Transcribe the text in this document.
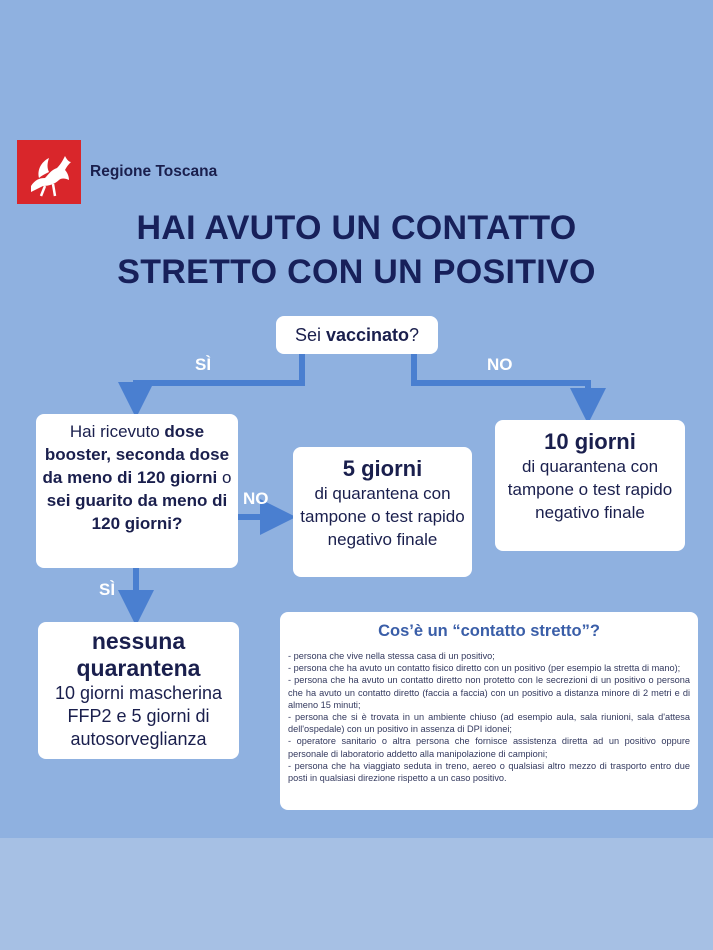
Regione Toscana
HAI AVUTO UN CONTATTO
STRETTO CON UN POSITIVO
Sei vaccinato?
SÌ	NO
NO
SÌ
Hai ricevuto dose booster, seconda dose da meno di 120 giorni o sei guarito da meno di 120 giorni?
5 giorni
di quarantena con tampone o test rapido negativo finale
10 giorni
di quarantena con tampone o test rapido negativo finale
nessuna quarantena
10 giorni mascherina FFP2 e 5 giorni di autosorveglianza
Cos’è un “contatto stretto”?
- persona che vive nella stessa casa di un positivo;
- persona che ha avuto un contatto fisico diretto con un positivo (per esempio la stretta di mano);
- persona che ha avuto un contatto diretto non protetto con le secrezioni di un positivo o persona che ha avuto un contatto diretto (faccia a faccia) con un positivo a distanza minore di 2 metri e di almeno 15 minuti;
- persona che si è trovata in un ambiente chiuso (ad esempio aula, sala riunioni, sala d'attesa dell'ospedale) con un positivo in assenza di DPI idonei;
- operatore sanitario o altra persona che fornisce assistenza diretta ad un positivo oppure personale di laboratorio addetto alla manipolazione di campioni;
- persona che ha viaggiato seduta in treno, aereo o qualsiasi altro mezzo di trasporto entro due posti in qualsiasi direzione rispetto a un caso positivo.
